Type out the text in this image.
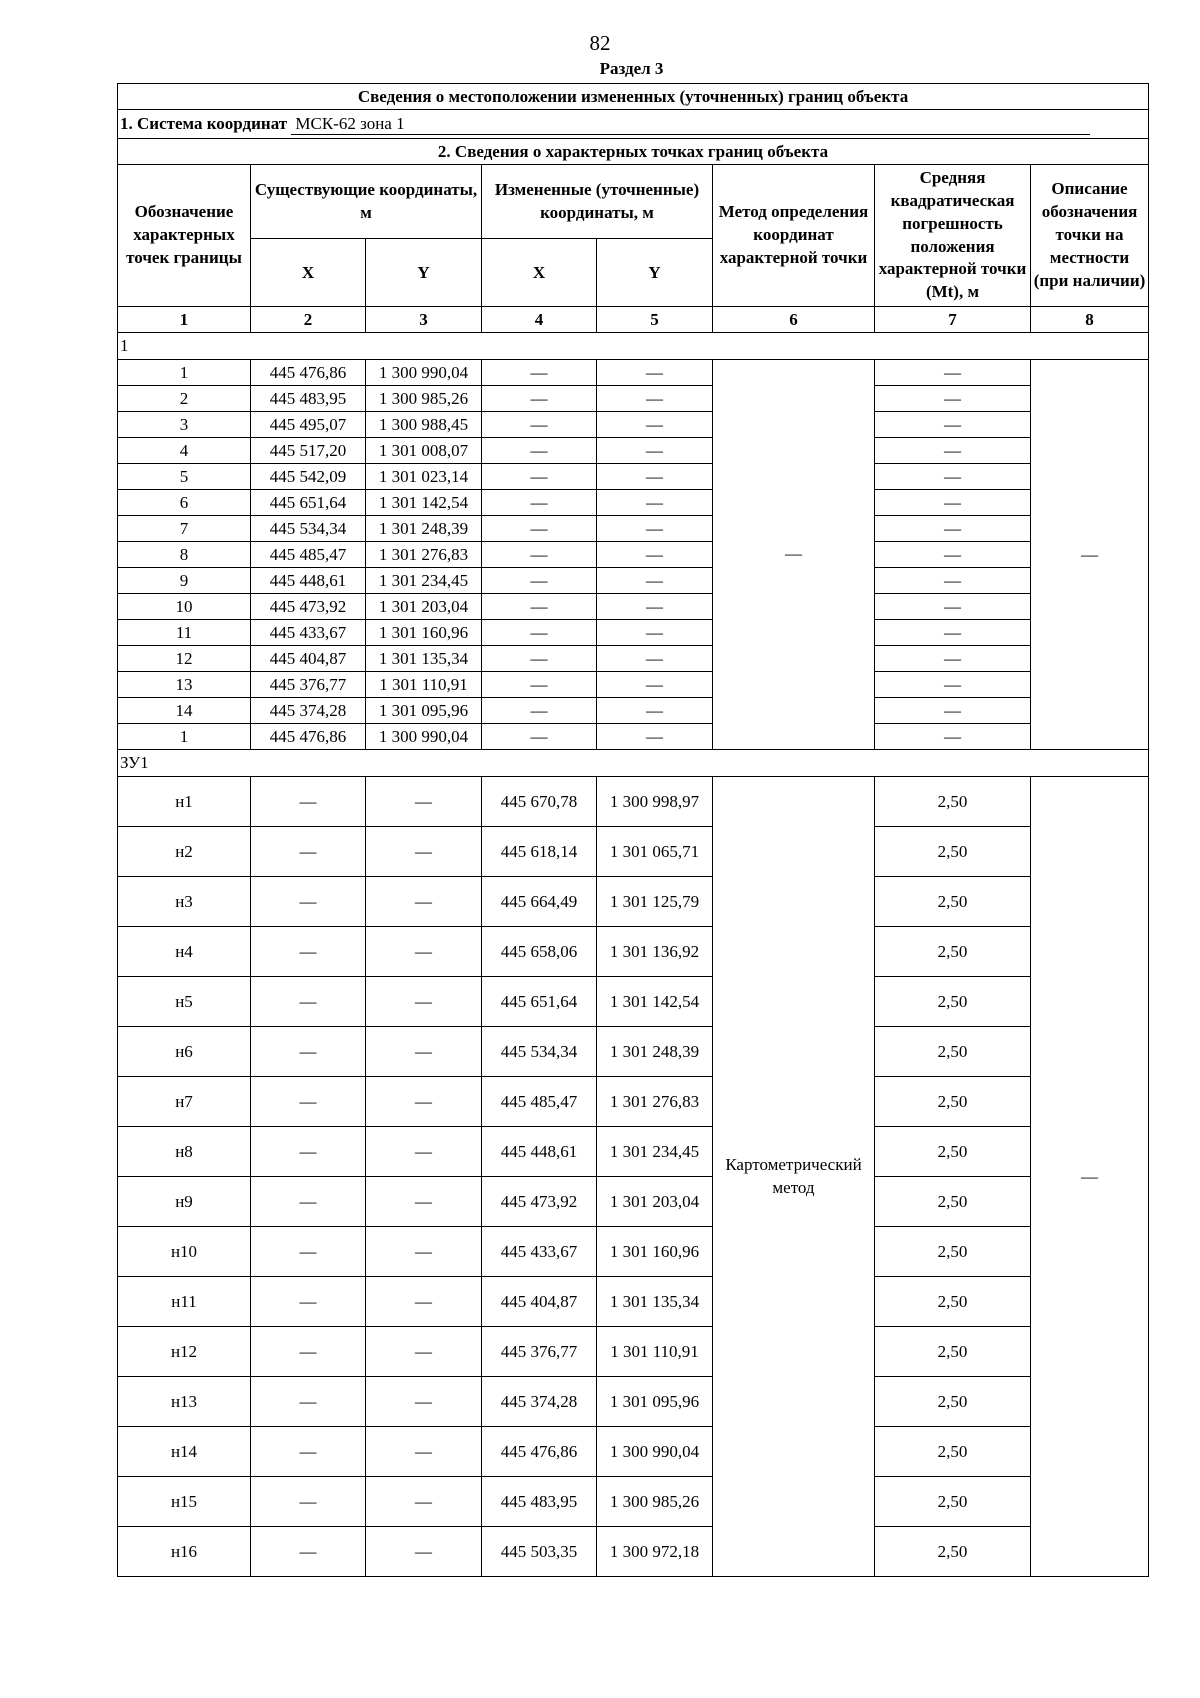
82
Раздел 3
Сведения о местоположении измененных (уточненных) границ объекта							
1. Система координат МСК-62 зона 1							
2. Сведения о характерных точках границ объекта							
Обозначение характерных точек границы	Существующие координаты, м		Измененные (уточненные) координаты, м		Метод определения координат характерной точки	Средняя квадратическая погрешность положения характерной точки (Mt), м	Описание обозначения точки на местности (при наличии)
	X	Y	X	Y			
1	2	3	4	5	6	7	8
1							
1	445 476,86	1 300 990,04	—	—	—	—	—
2	445 483,95	1 300 985,26	—	—		—	
3	445 495,07	1 300 988,45	—	—		—	
4	445 517,20	1 301 008,07	—	—		—	
5	445 542,09	1 301 023,14	—	—		—	
6	445 651,64	1 301 142,54	—	—		—	
7	445 534,34	1 301 248,39	—	—		—	
8	445 485,47	1 301 276,83	—	—		—	
9	445 448,61	1 301 234,45	—	—		—	
10	445 473,92	1 301 203,04	—	—		—	
11	445 433,67	1 301 160,96	—	—		—	
12	445 404,87	1 301 135,34	—	—		—	
13	445 376,77	1 301 110,91	—	—		—	
14	445 374,28	1 301 095,96	—	—		—	
1	445 476,86	1 300 990,04	—	—		—	
ЗУ1							
н1	—	—	445 670,78	1 300 998,97	Картометрический метод	2,50	—
н2	—	—	445 618,14	1 301 065,71		2,50	
н3	—	—	445 664,49	1 301 125,79		2,50	
н4	—	—	445 658,06	1 301 136,92		2,50	
н5	—	—	445 651,64	1 301 142,54		2,50	
н6	—	—	445 534,34	1 301 248,39		2,50	
н7	—	—	445 485,47	1 301 276,83		2,50	
н8	—	—	445 448,61	1 301 234,45		2,50	
н9	—	—	445 473,92	1 301 203,04		2,50	
н10	—	—	445 433,67	1 301 160,96		2,50	
н11	—	—	445 404,87	1 301 135,34		2,50	
н12	—	—	445 376,77	1 301 110,91		2,50	
н13	—	—	445 374,28	1 301 095,96		2,50	
н14	—	—	445 476,86	1 300 990,04		2,50	
н15	—	—	445 483,95	1 300 985,26		2,50	
н16	—	—	445 503,35	1 300 972,18		2,50	
